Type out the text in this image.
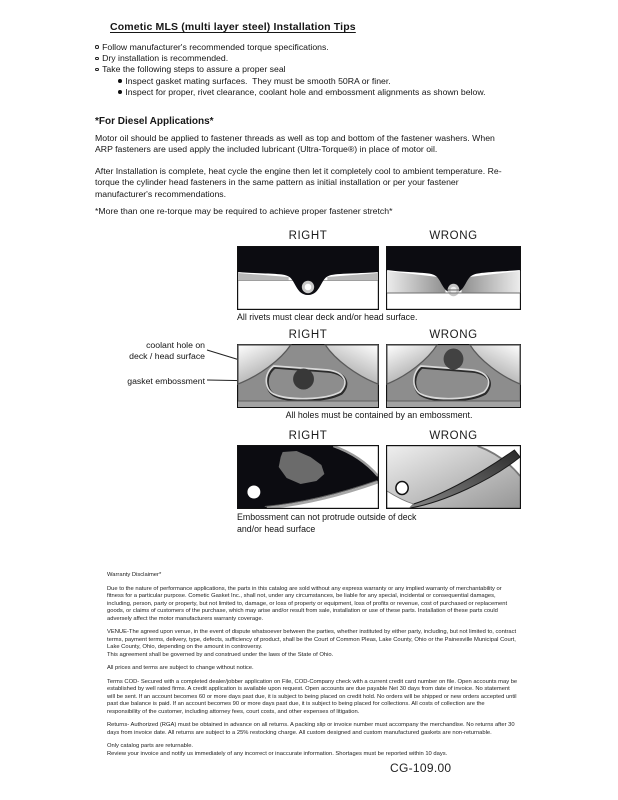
Cometic MLS (multi layer steel) Installation Tips
Follow manufacturer's recommended torque specifications.
Dry installation is recommended.
Take the following steps to assure a proper seal
Inspect gasket mating surfaces.  They must be smooth 50RA or finer.
Inspect for proper, rivet clearance, coolant hole and embossment alignments as shown below.
*For Diesel Applications*

Motor oil should be applied to fastener threads as well as top and bottom of the fastener washers. When ARP fasteners are used apply the included lubricant (Ultra-Torque®) in place of motor oil.

After Installation is complete, heat cycle the engine then let it completely cool to ambient temperature. Re-torque the cylinder head fasteners in the same pattern as initial installation or per your fastener manufacturer's recommendations.

*More than one re-torque may be required to achieve proper fastener stretch*

RIGHT	WRONG

All rivets must clear deck and/or head surface.

RIGHT	WRONG
coolant hole on
deck / head surface
gasket embossment

All holes must be contained by an embossment.

RIGHT	WRONG

Embossment can not protrude outside of deck
and/or head surface

Warranty Disclaimer*

Due to the nature of performance applications, the parts in this catalog are sold without any express warranty or any implied warranty of merchantability or fitness for a particular purpose. Cometic Gasket Inc., shall not, under any circumstances, be liable for any special, incidental or consequential damages, including, person, party or property, but not limited to, damage, or loss of property or equipment, loss of profits or revenue, cost of purchased or replacement goods, or claims of customers of the purchase, which may arise and/or result from sale, installation or use of these parts. Installation of these parts could adversely affect the motor manufacturers warranty coverage.

VENUE-The agreed upon venue, in the event of dispute whatsoever between the parties, whether instituted by either party, including, but not limited to, contract terms, payment terms, delivery, type, defects, sufficiency of product, shall be the Court of Common Pleas, Lake County, Ohio or the Painesville Municipal Court, Lake County, Ohio, depending on the amount in controversy.

This agreement shall be governed by and construed under the laws of the State of Ohio.

All prices and terms are subject to change without notice.

Terms COD- Secured with a completed dealer/jobber application on File, COD-Company check with a current credit card number on file. Open accounts may be established by well rated firms. A credit application is available upon request. Open accounts are due payable Net 30 days from date of invoice. No statement will be sent. If an account becomes 60 or more days past due, it is subject to being placed on credit hold. No orders will be shipped or new orders accepted until past due balance is paid. If an account becomes 90 or more days past due, it is subject to being placed for collections. All costs of collection are the responsibility of the customer, including attorney fees, court costs, and other expenses of litigation.

Returns- Authorized (RGA) must be obtained in advance on all returns. A packing slip or invoice number must accompany the merchandise. No returns after 30 days from invoice date. All returns are subject to a 25% restocking charge. All custom designed and custom manufactured gaskets are non-returnable.

Only catalog parts are returnable.

Review your invoice and notify us immediately of any incorrect or inaccurate information. Shortages must be reported within 10 days.

CG-109.00
